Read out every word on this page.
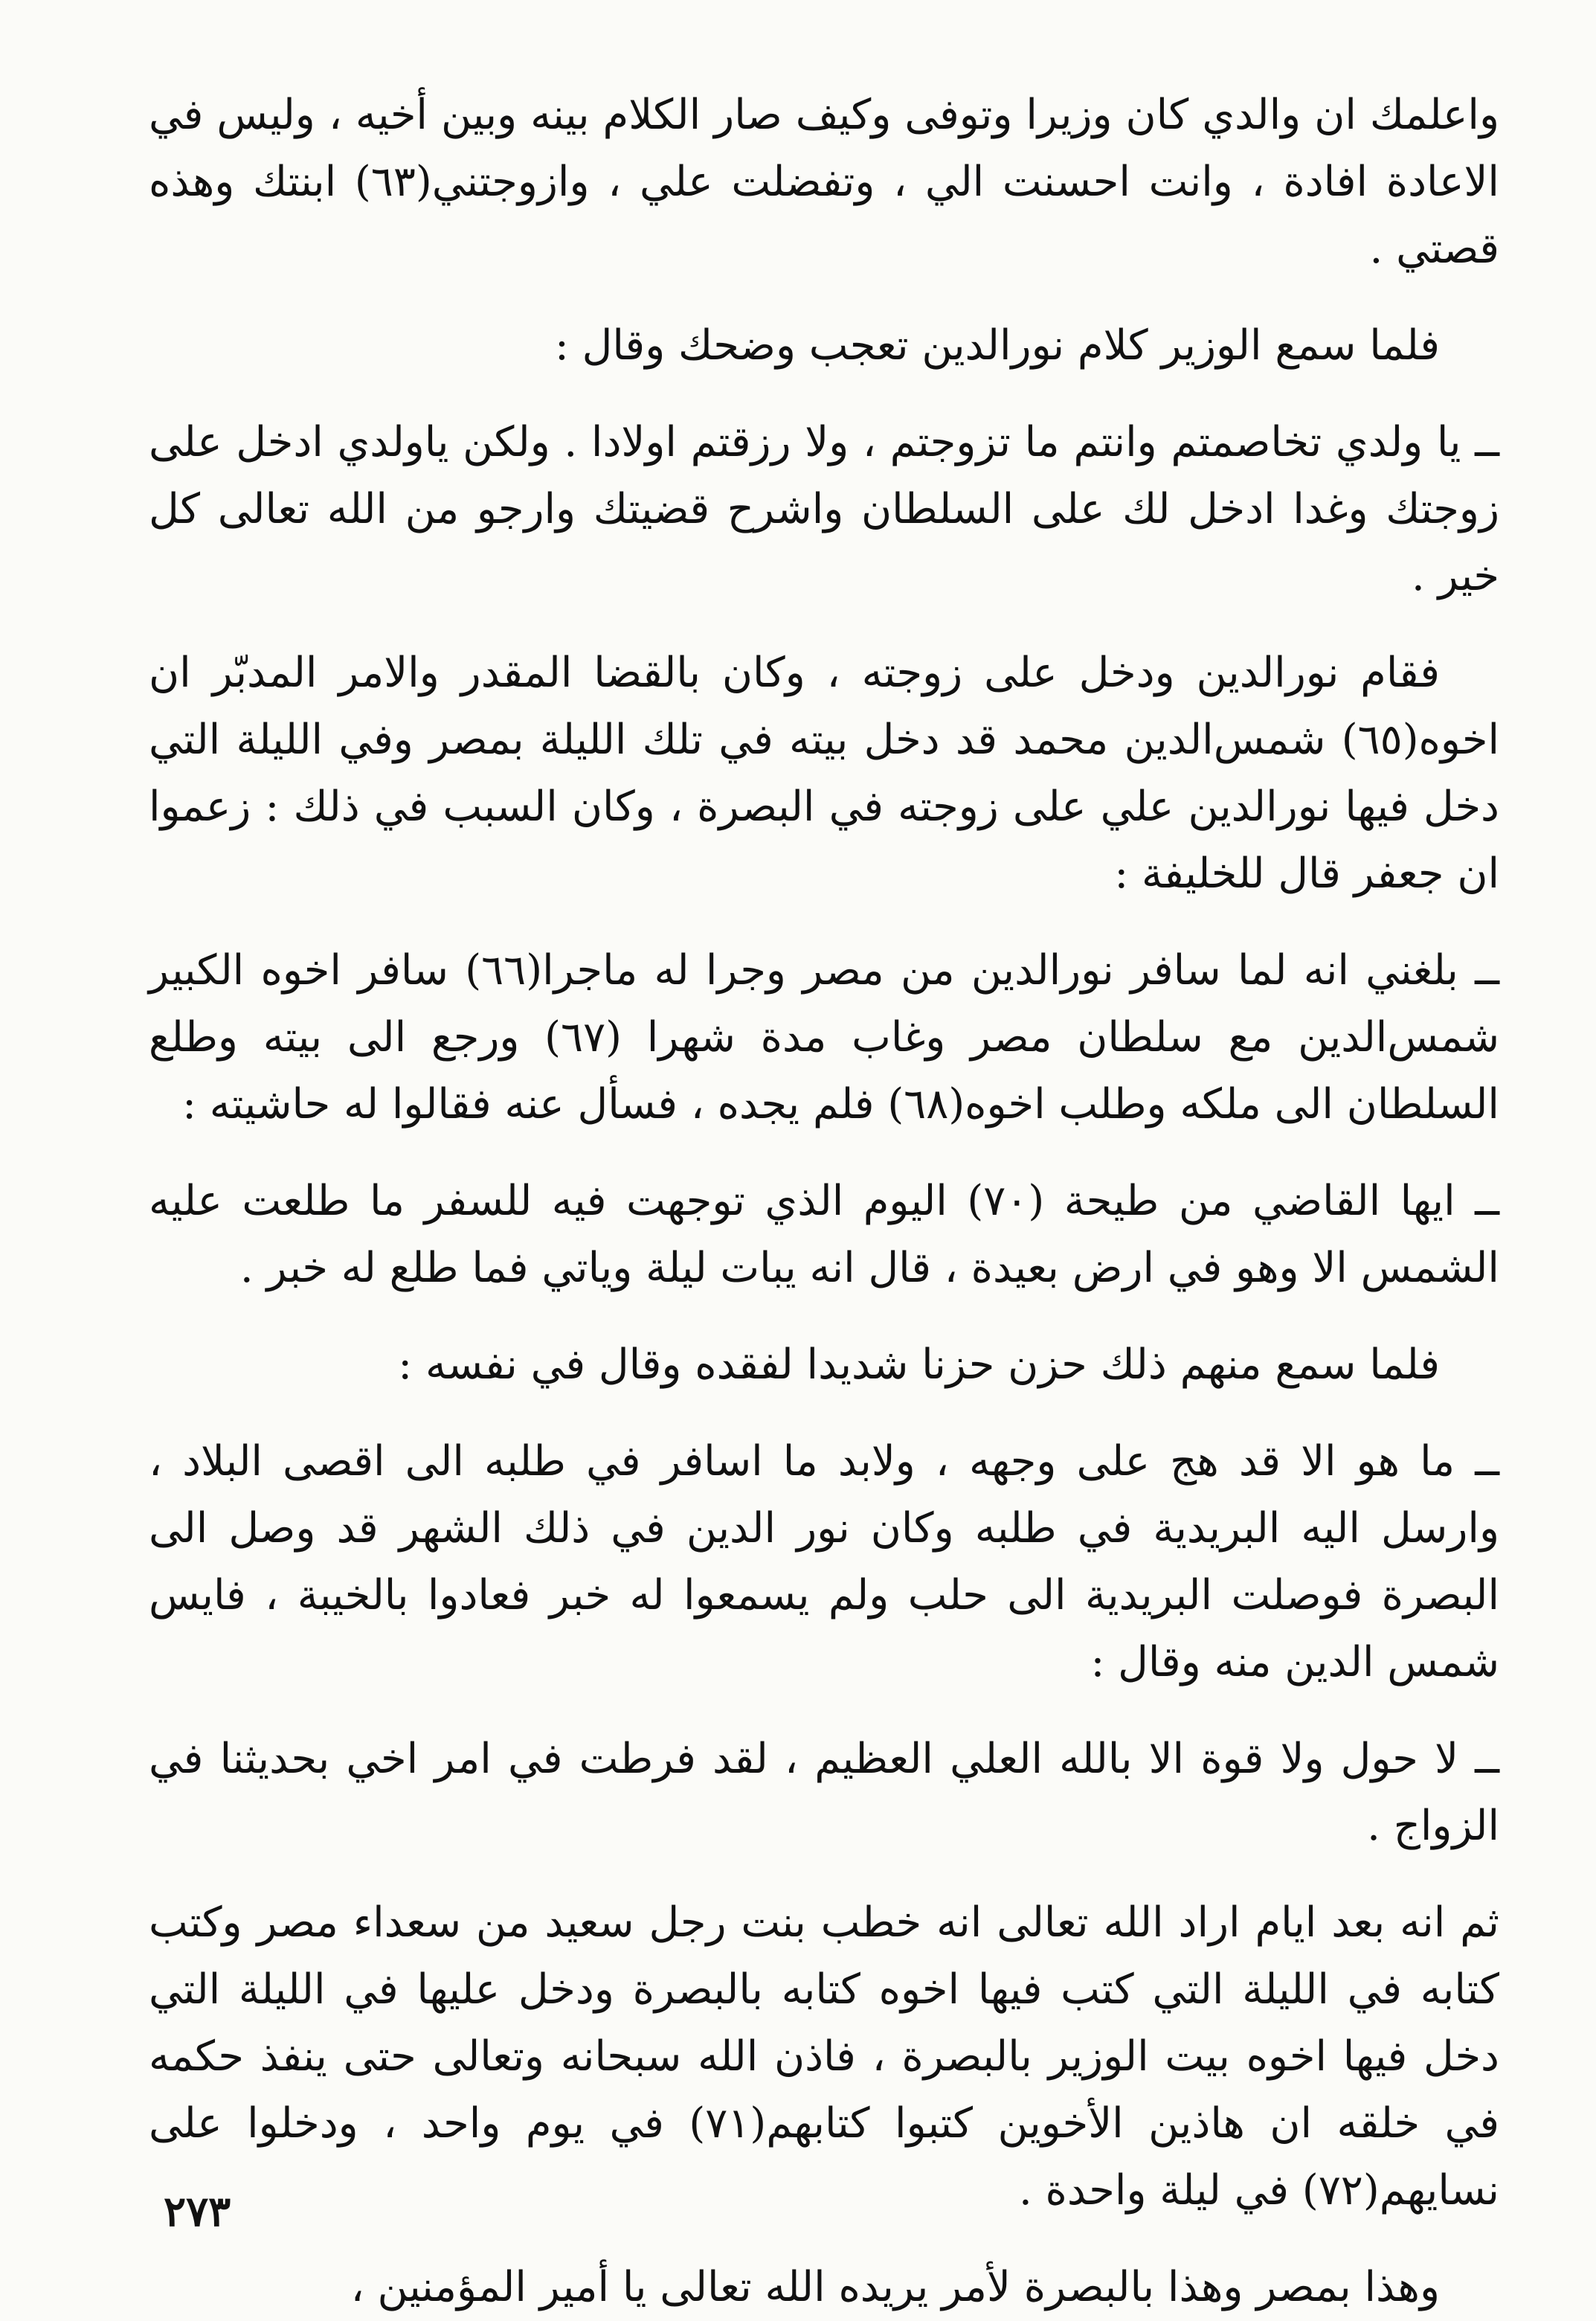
واعلمك ان والدي كان وزيرا وتوفى وكيف صار الكلام بينه وبين أخيه ، وليس في الاعادة افادة ، وانت احسنت الي ، وتفضلت علي ، وازوجتني(٦٣) ابنتك وهذه قصتي .

فلما سمع الوزير كلام نورالدين تعجب وضحك وقال :

ــ يا ولدي تخاصمتم وانتم ما تزوجتم ، ولا رزقتم اولادا . ولكن ياولدي ادخل على زوجتك وغدا ادخل لك على السلطان واشرح قضيتك وارجو من الله تعالى كل خير .

فقام نورالدين ودخل على زوجته ، وكان بالقضا المقدر والامر المدبّر ان اخوه(٦٥) شمس‌الدين محمد قد دخل بيته في تلك الليلة بمصر وفي الليلة التي دخل فيها نورالدين علي على زوجته في البصرة ، وكان السبب في ذلك : زعموا ان جعفر قال للخليفة :

ــ بلغني انه لما سافر نورالدين من مصر وجرا له ماجرا(٦٦) سافر اخوه الكبير شمس‌الدين مع سلطان مصر وغاب مدة شهرا (٦٧) ورجع الى بيته وطلع السلطان الى ملكه وطلب اخوه(٦٨) فلم يجده ، فسأل عنه فقالوا له حاشيته :

ــ ايها القاضي من طيحة (٧٠) اليوم الذي توجهت فيه للسفر ما طلعت عليه الشمس الا وهو في ارض بعيدة ، قال انه يبات ليلة وياتي فما طلع له خبر .

فلما سمع منهم ذلك حزن حزنا شديدا لفقده وقال في نفسه :

ــ ما هو الا قد هج على وجهه ، ولابد ما اسافر في طلبه الى اقصى البلاد ، وارسل اليه البريدية في طلبه وكان نور الدين في ذلك الشهر قد وصل الى البصرة فوصلت البريدية الى حلب ولم يسمعوا له خبر فعادوا بالخيبة ، فايس شمس الدين منه وقال :

ــ لا حول ولا قوة الا بالله العلي العظيم ، لقد فرطت في امر اخي بحديثنا في الزواج .

ثم انه بعد ايام اراد الله تعالى انه خطب بنت رجل سعيد من سعداء مصر وكتب كتابه في الليلة التي كتب فيها اخوه كتابه بالبصرة ودخل عليها في الليلة التي دخل فيها اخوه بيت الوزير بالبصرة ، فاذن الله سبحانه وتعالى حتى ينفذ حكمه في خلقه ان هاذين الأخوين كتبوا كتابهم(٧١) في يوم واحد ، ودخلوا على نسايهم(٧٢) في ليلة واحدة .

وهذا بمصر وهذا بالبصرة لأمر يريده الله تعالى يا أمير المؤمنين ،

٢٧٣
